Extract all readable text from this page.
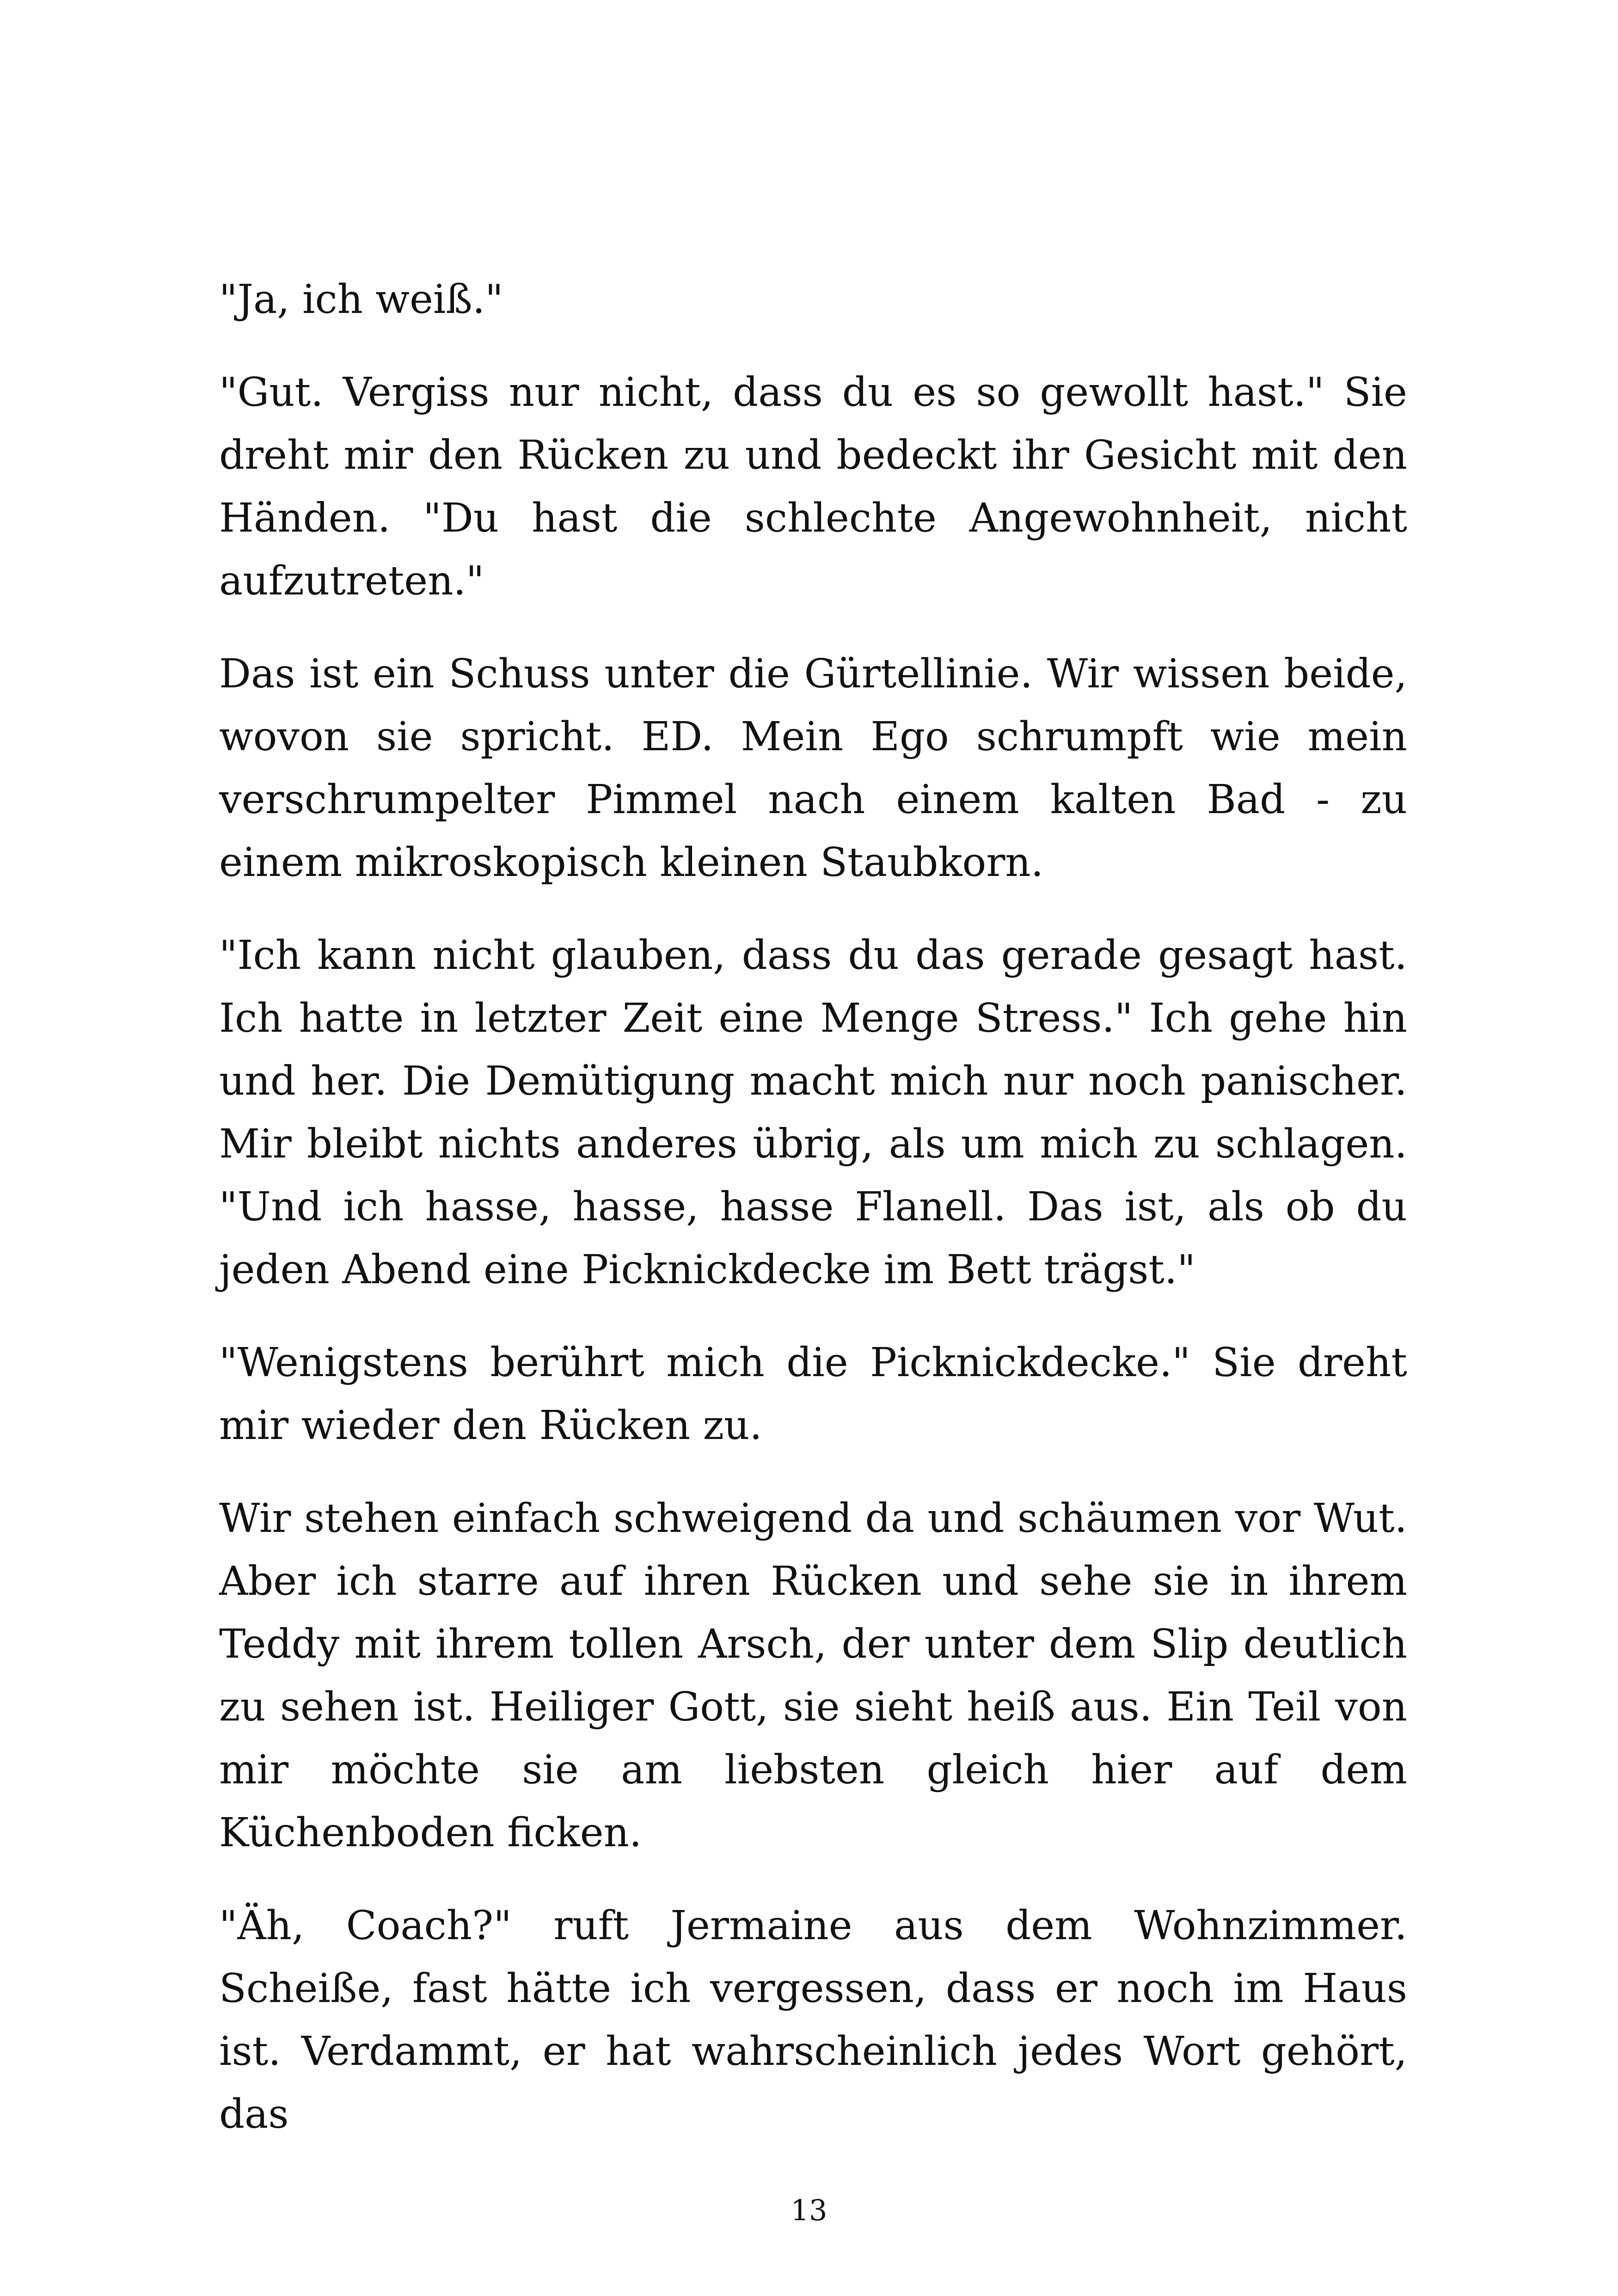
"Ja, ich weiß."

"Gut. Vergiss nur nicht, dass du es so gewollt hast." Sie dreht mir den Rücken zu und bedeckt ihr Gesicht mit den Händen. "Du hast die schlechte Angewohnheit, nicht aufzutreten."

Das ist ein Schuss unter die Gürtellinie. Wir wissen beide, wovon sie spricht. ED. Mein Ego schrumpft wie mein verschrumpelter Pimmel nach einem kalten Bad - zu einem mikroskopisch kleinen Staubkorn.

"Ich kann nicht glauben, dass du das gerade gesagt hast. Ich hatte in letzter Zeit eine Menge Stress." Ich gehe hin und her. Die Demütigung macht mich nur noch panischer. Mir bleibt nichts anderes übrig, als um mich zu schlagen. "Und ich hasse, hasse, hasse Flanell. Das ist, als ob du jeden Abend eine Picknickdecke im Bett trägst."

"Wenigstens berührt mich die Picknickdecke." Sie dreht mir wieder den Rücken zu.

Wir stehen einfach schweigend da und schäumen vor Wut. Aber ich starre auf ihren Rücken und sehe sie in ihrem Teddy mit ihrem tollen Arsch, der unter dem Slip deutlich zu sehen ist. Heiliger Gott, sie sieht heiß aus. Ein Teil von mir möchte sie am liebsten gleich hier auf dem Küchenboden ficken.

"Äh, Coach?" ruft Jermaine aus dem Wohnzimmer. Scheiße, fast hätte ich vergessen, dass er noch im Haus ist. Verdammt, er hat wahrscheinlich jedes Wort gehört, das

13
